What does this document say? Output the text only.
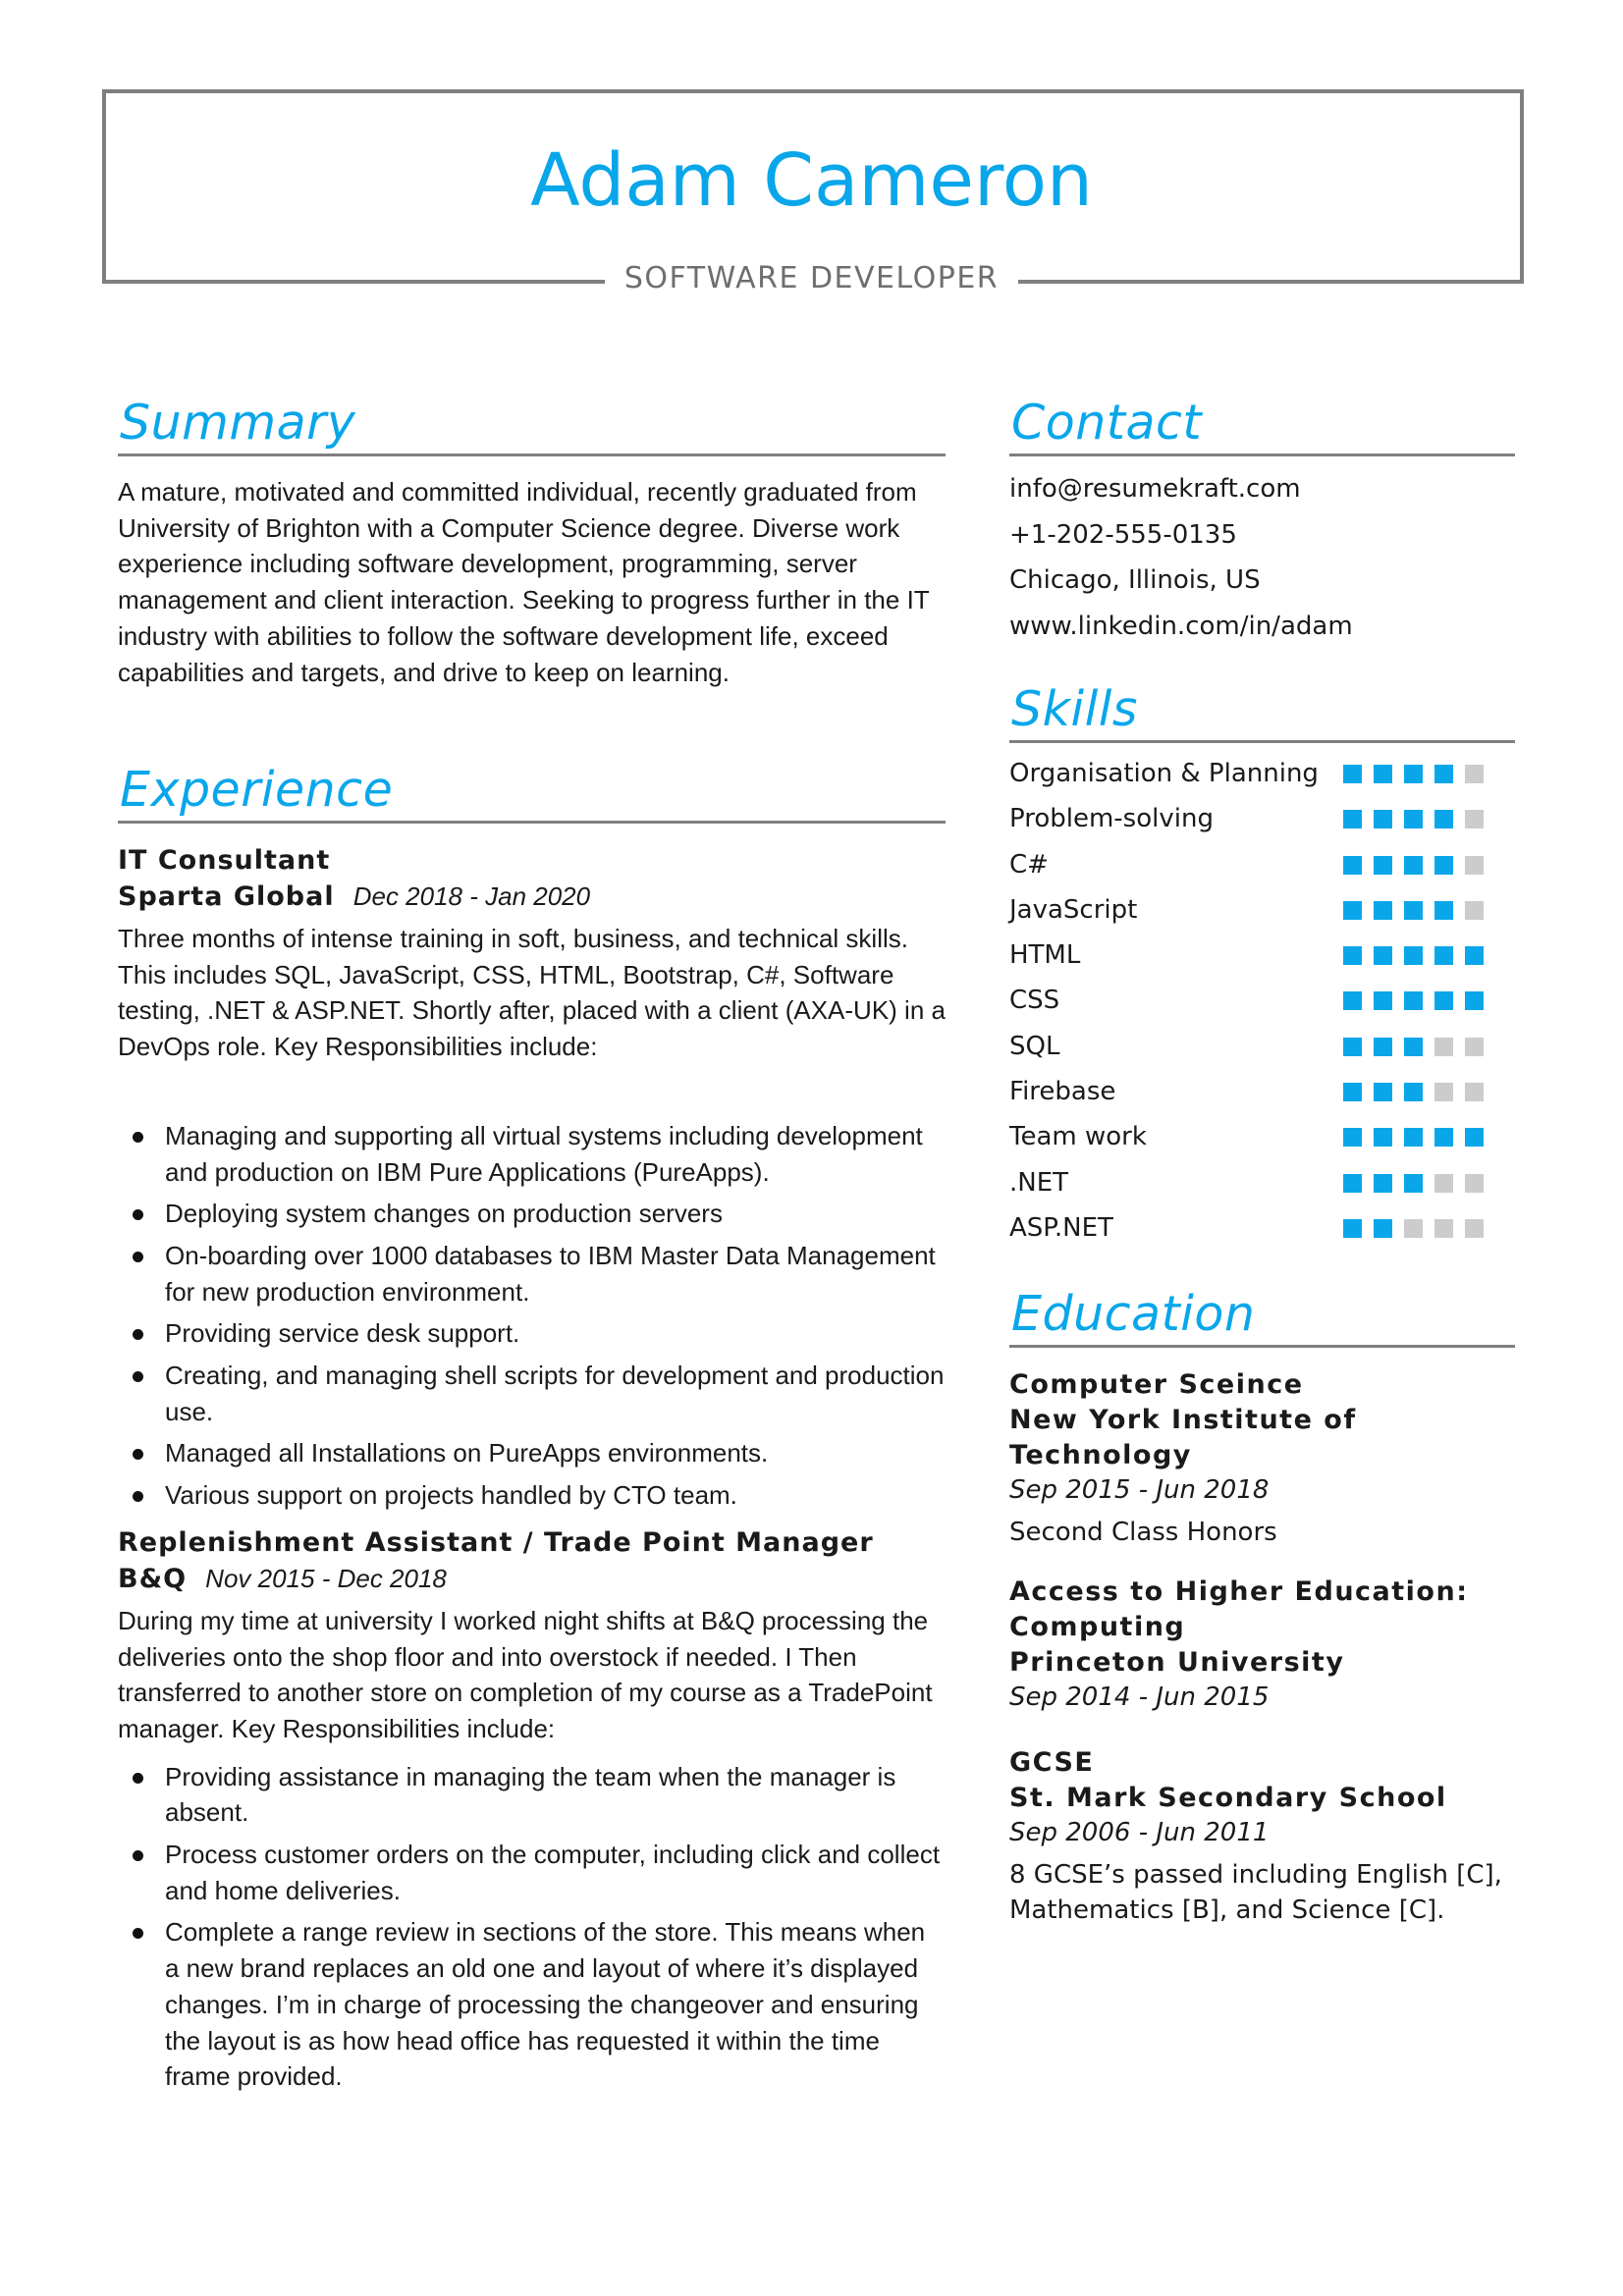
Adam Cameron
SOFTWARE DEVELOPER
Summary

A mature, motivated and committed individual, recently graduated from University of Brighton with a Computer Science degree. Diverse work experience including software development, programming, server management and client interaction. Seeking to progress further in the IT industry with abilities to follow the software development life, exceed capabilities and targets, and drive to keep on learning.

Experience
IT Consultant
Sparta Global Dec 2018 - Jan 2020

Three months of intense training in soft, business, and technical skills. This includes SQL, JavaScript, CSS, HTML, Bootstrap, C#, Software testing, .NET & ASP.NET. Shortly after, placed with a client (AXA-UK) in a DevOps role. Key Responsibilities include:

Managing and supporting all virtual systems including development and production on IBM Pure Applications (PureApps).
Deploying system changes on production servers
On-boarding over 1000 databases to IBM Master Data Management for new production environment.
Providing service desk support.
Creating, and managing shell scripts for development and production use.
Managed all Installations on PureApps environments.
Various support on projects handled by CTO team.
Replenishment Assistant / Trade Point Manager
B&Q Nov 2015 - Dec 2018

During my time at university I worked night shifts at B&Q processing the deliveries onto the shop floor and into overstock if needed. I Then transferred to another store on completion of my course as a TradePoint manager. Key Responsibilities include:

Providing assistance in managing the team when the manager is absent.
Process customer orders on the computer, including click and collect and home deliveries.
Complete a range review in sections of the store. This means when a new brand replaces an old one and layout of where it’s displayed changes. I’m in charge of processing the changeover and ensuring the layout is as how head office has requested it within the time frame provided.
Contact
info@resumekraft.com
+1-202-555-0135
Chicago, Illinois, US
www.linkedin.com/in/adam
Skills
Organisation & Planning
Problem-solving
C#
JavaScript
HTML
CSS
SQL
Firebase
Team work
.NET
ASP.NET
Education
Computer Sceince
New York Institute of Technology
Sep 2015 - Jun 2018
Second Class Honors
Access to Higher Education: Computing
Princeton University
Sep 2014 - Jun 2015
GCSE
St. Mark Secondary School
Sep 2006 - Jun 2011
8 GCSE’s passed including English [C], Mathematics [B], and Science [C].
